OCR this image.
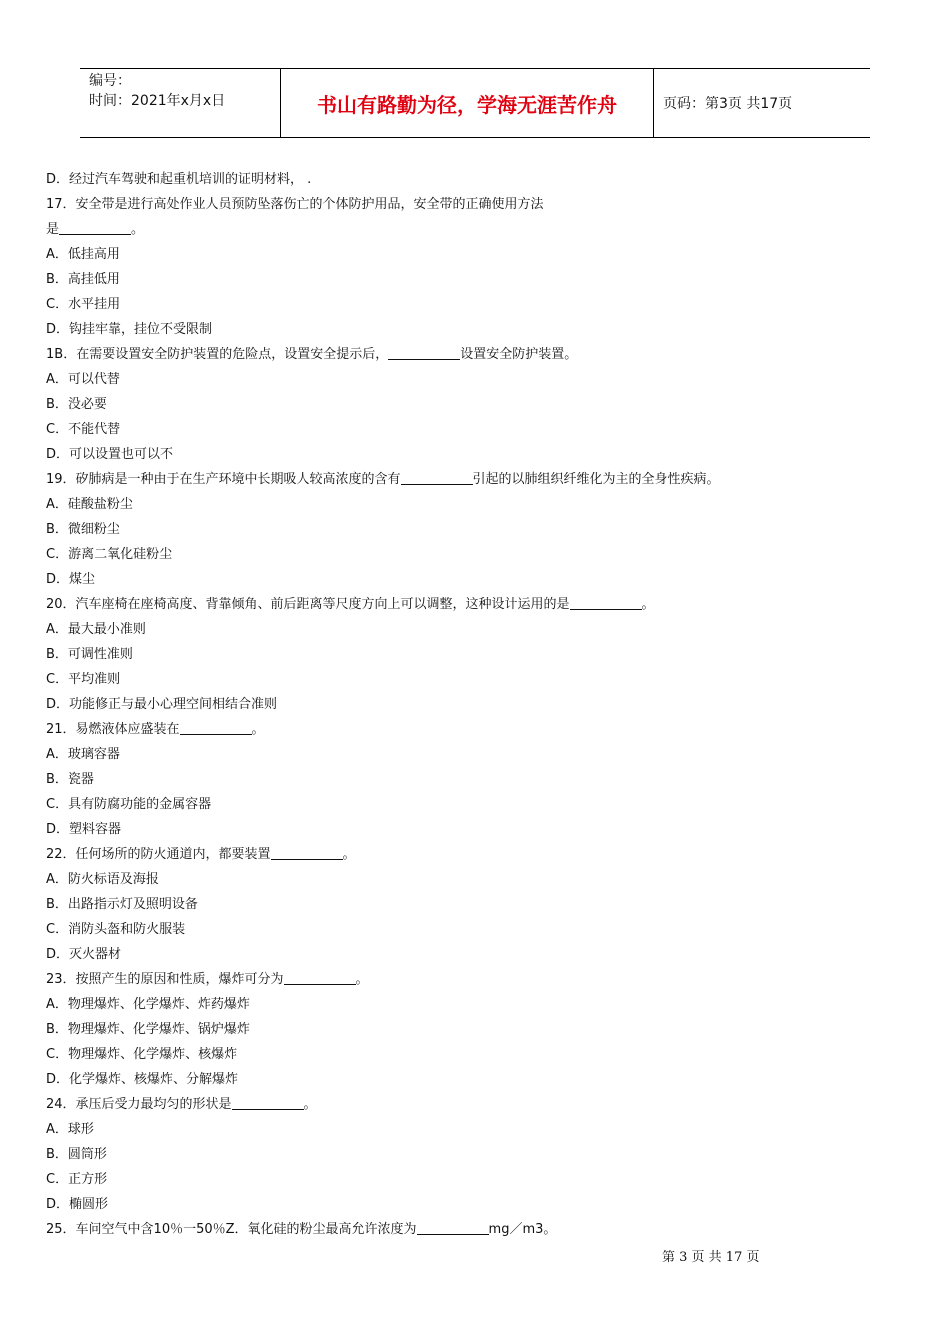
编号：
时间：2021年x月x日	书山有路勤为径，学海无涯苦作舟	页码：第3页 共17页
D．经过汽车驾驶和起重机培训的证明材料， .
17．安全带是进行高处作业人员预防坠落伤亡的个体防护用品，安全带的正确使用方法
是	。
A．低挂高用
B．高挂低用
C．水平挂用
D．钩挂牢靠，挂位不受限制
1B．在需要设置安全防护装置的危险点，设置安全提示后，	设置安全防护装置。
A．可以代替
B．没必要
C．不能代替
D．可以设置也可以不
19．矽肺病是一种由于在生产环境中长期吸人较高浓度的含有	引起的以肺组织纤维化为主的全身性疾病。
A．硅酸盐粉尘
B．微细粉尘
C．游离二氧化硅粉尘
D．煤尘
20．汽车座椅在座椅高度、背靠倾角、前后距离等尺度方向上可以调整，这种设计运用的是	。
A．最大最小准则
B．可调性准则
C．平均准则
D．功能修正与最小心理空间相结合准则
21．易燃液体应盛装在	。
A．玻璃容器
B．瓷器
C．具有防腐功能的金属容器
D．塑料容器
22．任何场所的防火通道内，都要装置	。
A．防火标语及海报
B．出路指示灯及照明设备
C．消防头盔和防火服装
D．灭火器材
23．按照产生的原因和性质，爆炸可分为	。
A．物理爆炸、化学爆炸、炸药爆炸
B．物理爆炸、化学爆炸、锅炉爆炸
C．物理爆炸、化学爆炸、核爆炸
D．化学爆炸、核爆炸、分解爆炸
24．承压后受力最均匀的形状是	。
A．球形
B．圆筒形
C．正方形
D．椭圆形
25．车问空气中含10％一50％Z．氧化硅的粉尘最高允许浓度为	mg／m3。
第 3 页 共 17 页
